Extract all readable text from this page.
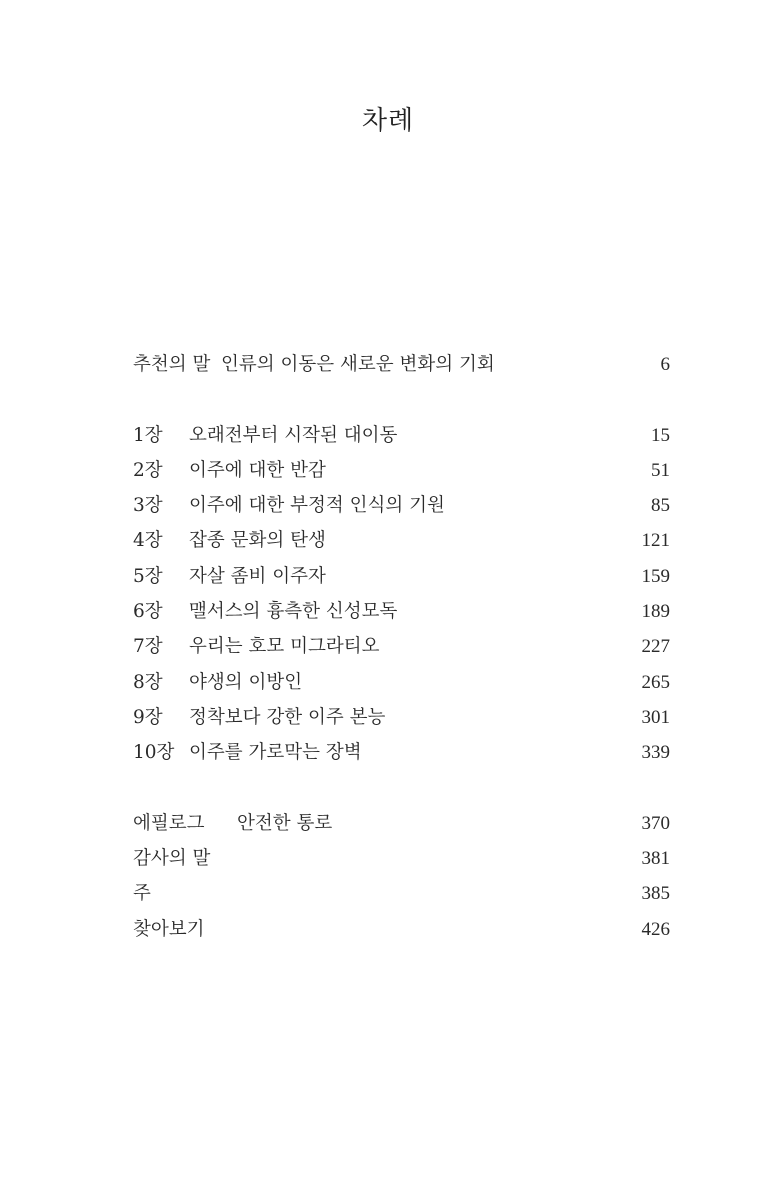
차례
추천의 말 인류의 이동은 새로운 변화의 기회	6
1장 오래전부터 시작된 대이동	15
2장 이주에 대한 반감	51
3장 이주에 대한 부정적 인식의 기원	85
4장 잡종 문화의 탄생	121
5장 자살 좀비 이주자	159
6장 맬서스의 흉측한 신성모독	189
7장 우리는 호모 미그라티오	227
8장 야생의 이방인	265
9장 정착보다 강한 이주 본능	301
10장 이주를 가로막는 장벽	339
에필로그 안전한 통로	370
감사의 말	381
주	385
찾아보기	426
